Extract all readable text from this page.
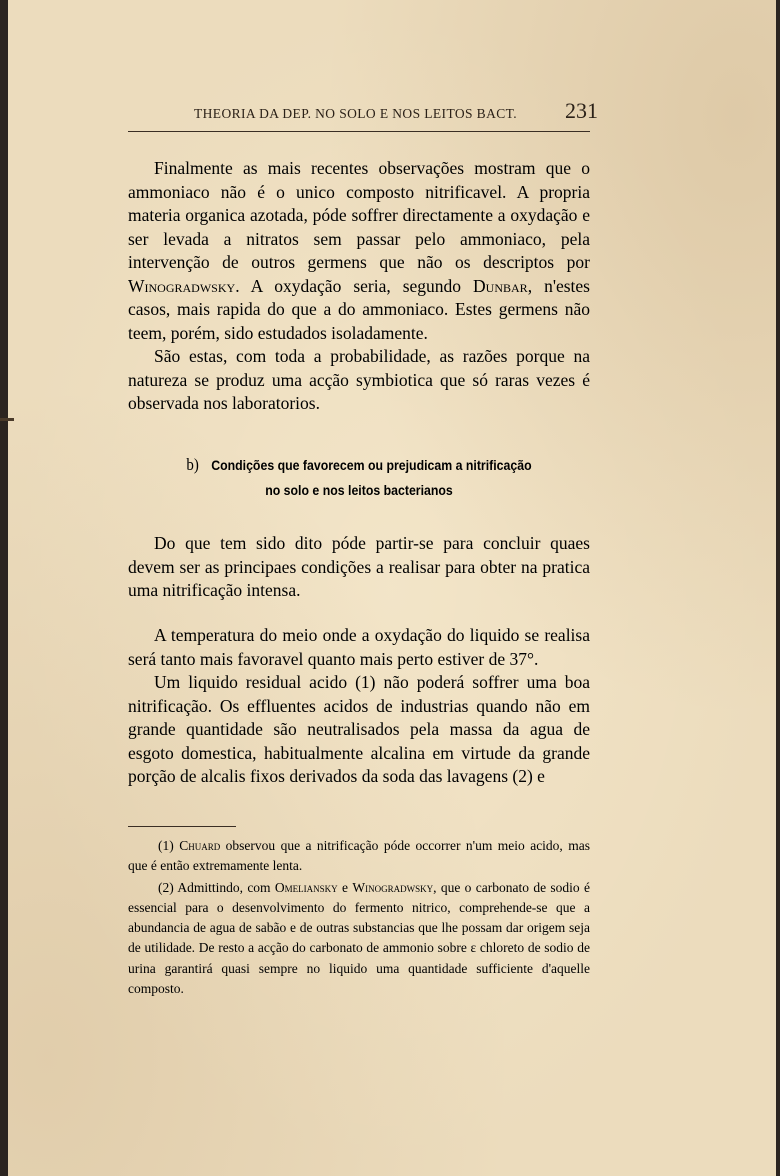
THEORIA DA DEP. NO SOLO E NOS LEITOS BACT. 231

Finalmente as mais recentes observações mostram que o ammoniaco não é o unico composto nitrificavel. A propria materia organica azotada, póde soffrer directamente a oxydação e ser levada a nitratos sem passar pelo ammoniaco, pela intervenção de outros germens que não os descriptos por Winogradwsky. A oxydação seria, segundo Dunbar, n'estes casos, mais rapida do que a do ammoniaco. Estes germens não teem, porém, sido estudados isoladamente.

São estas, com toda a probabilidade, as razões porque na natureza se produz uma acção symbiotica que só raras vezes é observada nos laboratorios.

b) Condições que favorecem ou prejudicam a nitrificação
no solo e nos leitos bacterianos

Do que tem sido dito póde partir-se para concluir quaes devem ser as principaes condições a realisar para obter na pratica uma nitrificação intensa.

A temperatura do meio onde a oxydação do liquido se realisa será tanto mais favoravel quanto mais perto estiver de 37°.

Um liquido residual acido (1) não poderá soffrer uma boa nitrificação. Os effluentes acidos de industrias quando não em grande quantidade são neutralisados pela massa da agua de esgoto domestica, habitualmente alcalina em virtude da grande porção de alcalis fixos derivados da soda das lavagens (2) e

(1) Chuard observou que a nitrificação póde occorrer n'um meio acido, mas que é então extremamente lenta.

(2) Admittindo, com Omeliansky e Winogradwsky, que o carbonato de sodio é essencial para o desenvolvimento do fermento nitrico, comprehende-se que a abundancia de agua de sabão e de outras substancias que lhe possam dar origem seja de utilidade. De resto a acção do carbonato de ammonio sobre ε chloreto de sodio de urina garantirá quasi sempre no liquido uma quantidade sufficiente d'aquelle composto.
